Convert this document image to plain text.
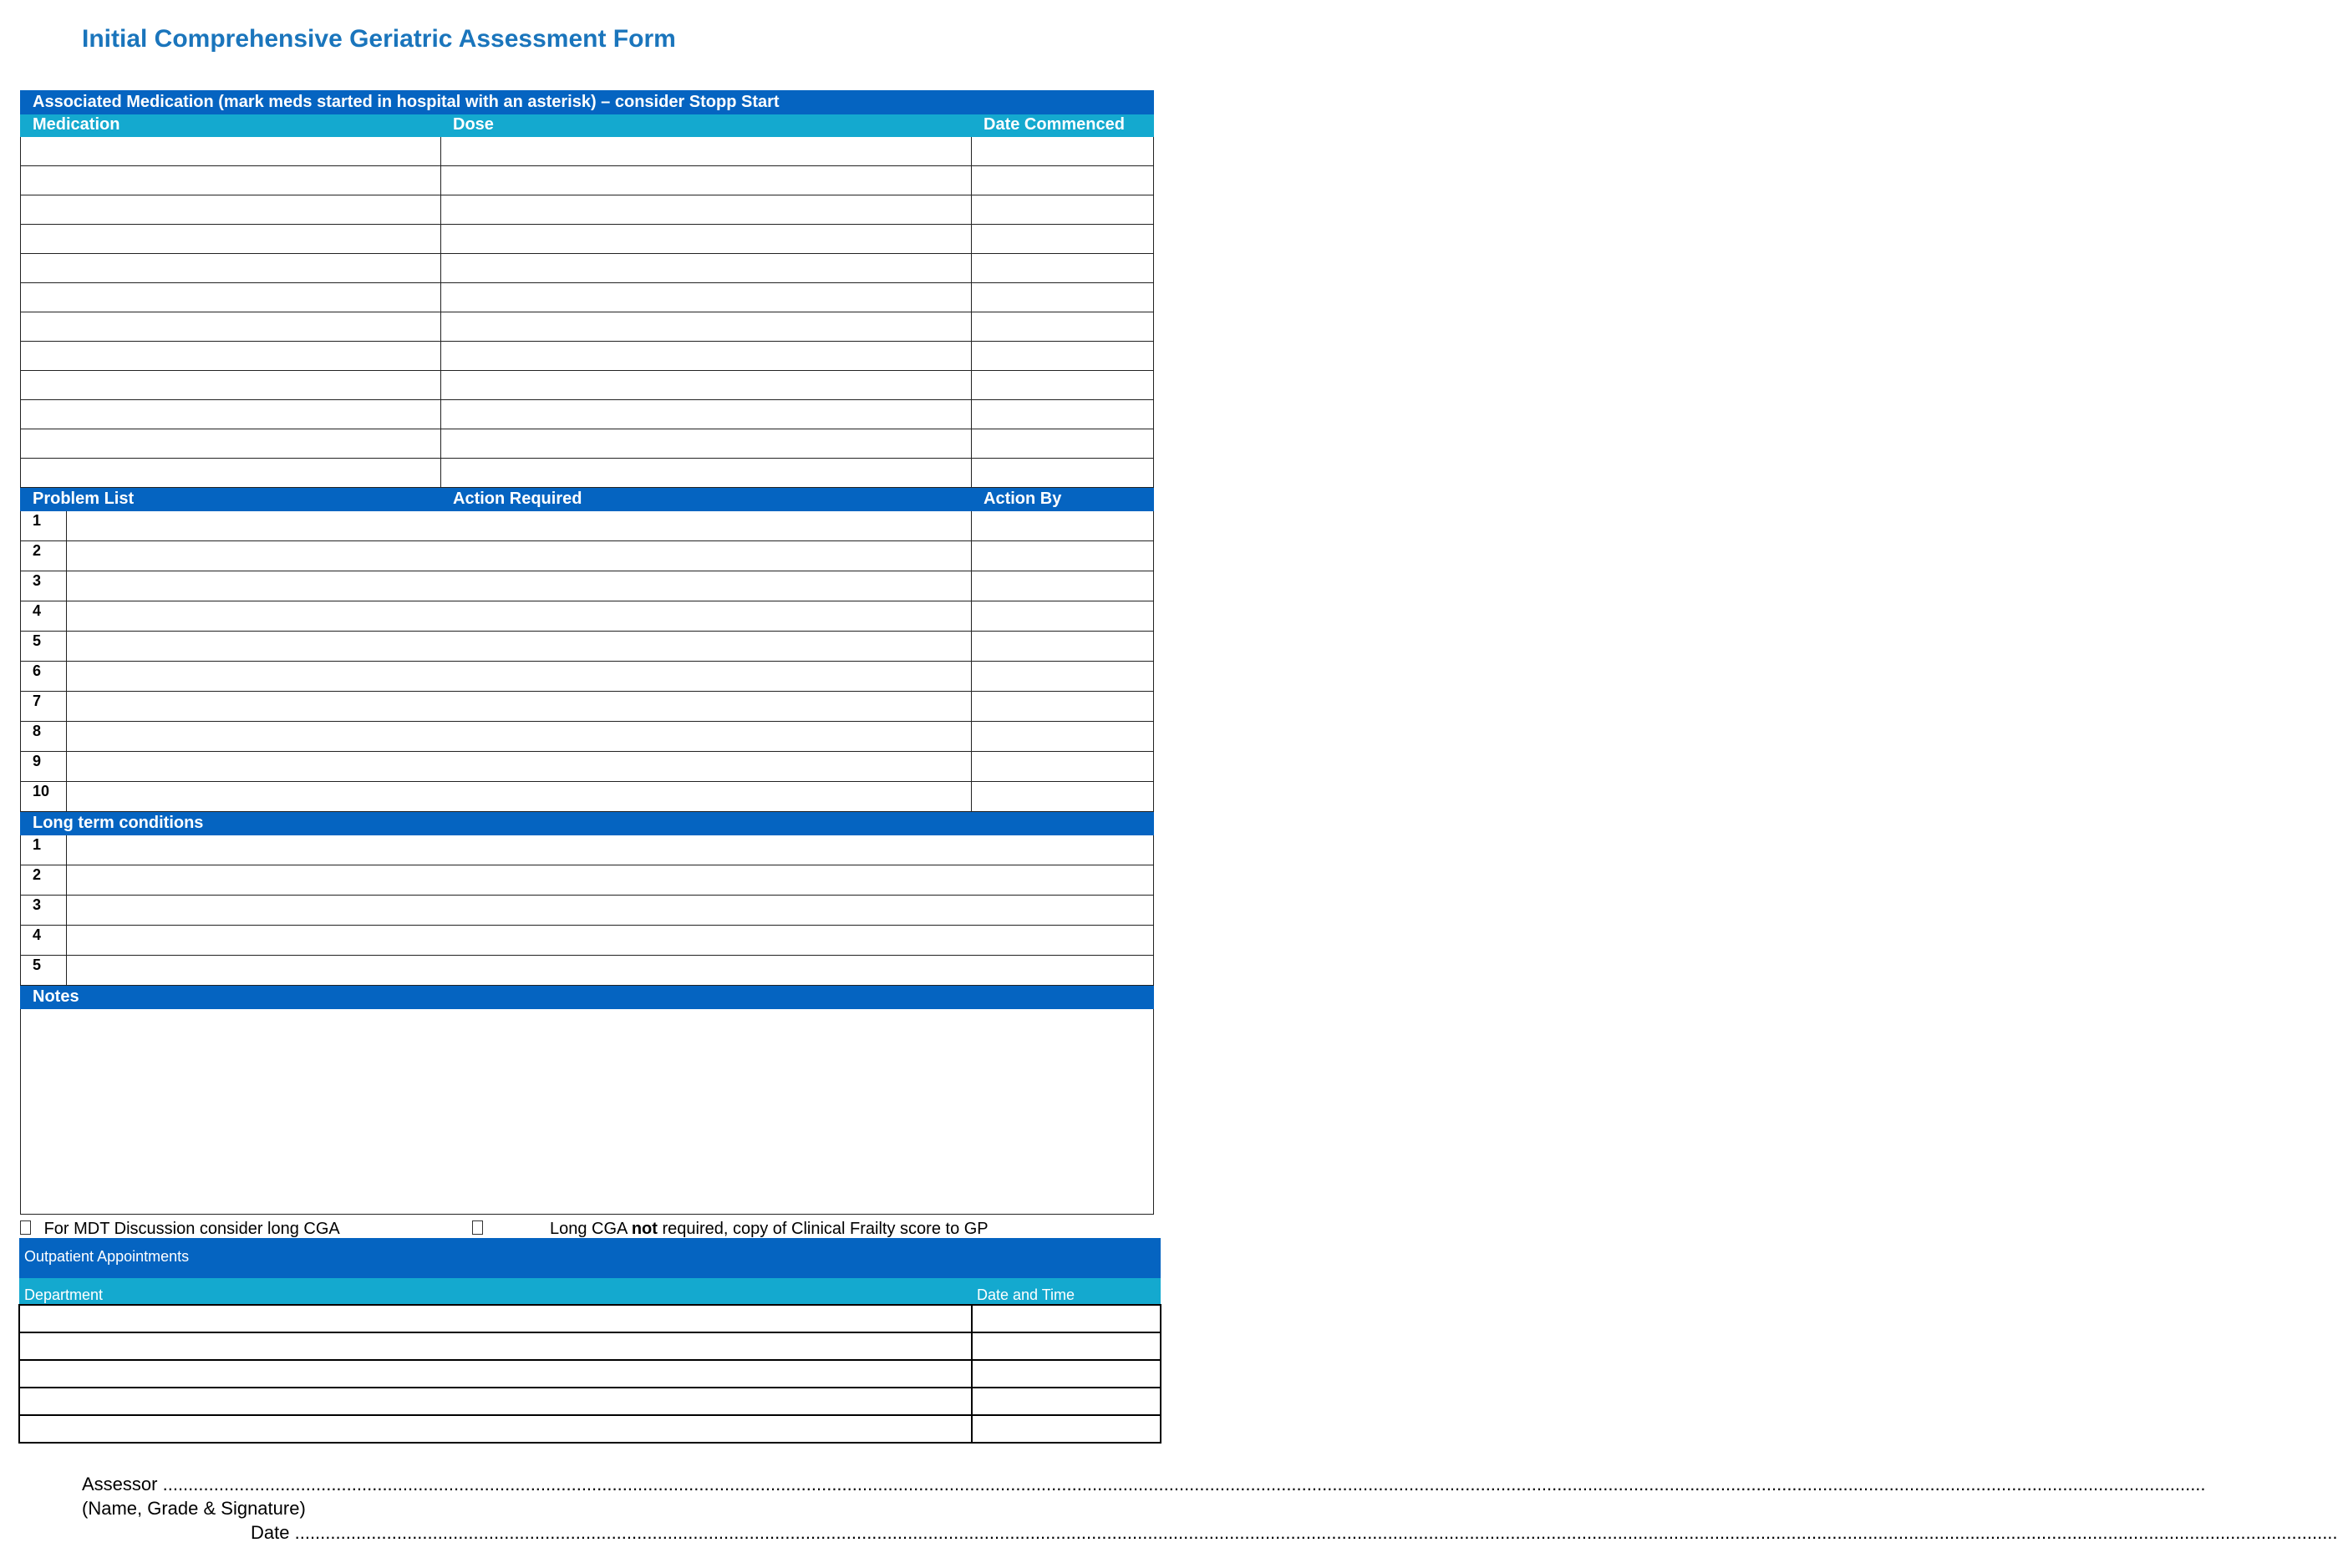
Initial Comprehensive Geriatric Assessment Form
Associated Medication (mark meds started in hospital with an asterisk) – consider Stopp Start			
Medication		Dose	Date Commenced

Problem List		Action Required	Action By
1			
2			
3			
4			
5			
6			
7			
8			
9			
10			
Long term conditions			
1			
2			
3			
4			
5			
Notes			

For MDT Discussion consider long CGA	Long CGA not required, copy of Clinical Frailty score to GP
Outpatient Appointments	
Department	Date and Time

Assessor ................................................................................................................................................................................................................................................................................................................................................................................................................
(Name, Grade & Signature)
Date ................................................................................................................................................................................................................................................................................................................................................................................................................
